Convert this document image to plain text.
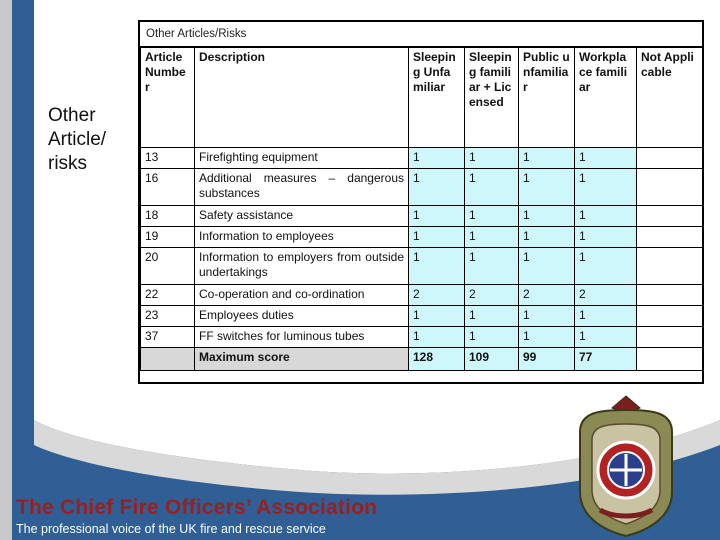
Other
Article/
risks
Other Articles/Risks
Article Number	Description	Sleeping Unfamiliar	Sleeping familiar + Licensed	Public unfamiliar	Workplace familiar	Not Applicable
13	Firefighting equipment	1	1	1	1	
16	Additional measures – dangerous substances	1	1	1	1	
18	Safety assistance	1	1	1	1	
19	Information to employees	1	1	1	1	
20	Information to employers from outside undertakings	1	1	1	1	
22	Co-operation and co-ordination	2	2	2	2	
23	Employees duties	1	1	1	1	
37	FF switches for luminous tubes	1	1	1	1	
	Maximum score	128	109	99	77	
The Chief Fire Officers’ Association
The professional voice of the UK fire and rescue service
